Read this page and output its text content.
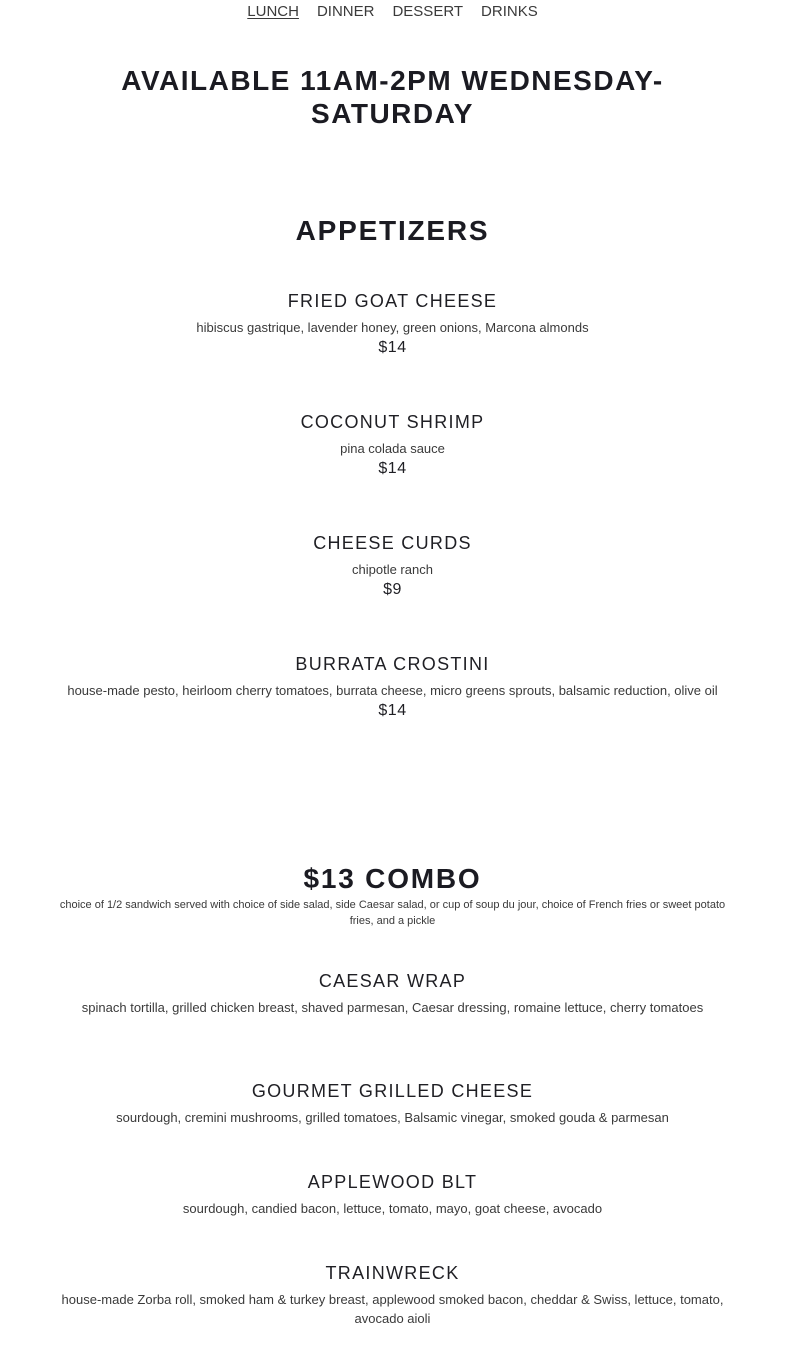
LUNCH	DINNER	DESSERT	DRINKS
AVAILABLE 11AM-2PM WEDNESDAY-SATURDAY
APPETIZERS
FRIED GOAT CHEESE

hibiscus gastrique, lavender honey, green onions, Marcona almonds

$14

COCONUT SHRIMP

pina colada sauce

$14

CHEESE CURDS

chipotle ranch

$9

BURRATA CROSTINI

house-made pesto, heirloom cherry tomatoes, burrata cheese, micro greens sprouts, balsamic reduction, olive oil

$14

$13 COMBO

choice of 1/2 sandwich served with choice of side salad, side Caesar salad, or cup of soup du jour, choice of French fries or sweet potato fries, and a pickle

CAESAR WRAP

spinach tortilla, grilled chicken breast, shaved parmesan, Caesar dressing, romaine lettuce, cherry tomatoes

GOURMET GRILLED CHEESE

sourdough, cremini mushrooms, grilled tomatoes, Balsamic vinegar, smoked gouda & parmesan

APPLEWOOD BLT

sourdough, candied bacon, lettuce, tomato, mayo, goat cheese, avocado

TRAINWRECK

house-made Zorba roll, smoked ham & turkey breast, applewood smoked bacon, cheddar & Swiss, lettuce, tomato, avocado aioli
